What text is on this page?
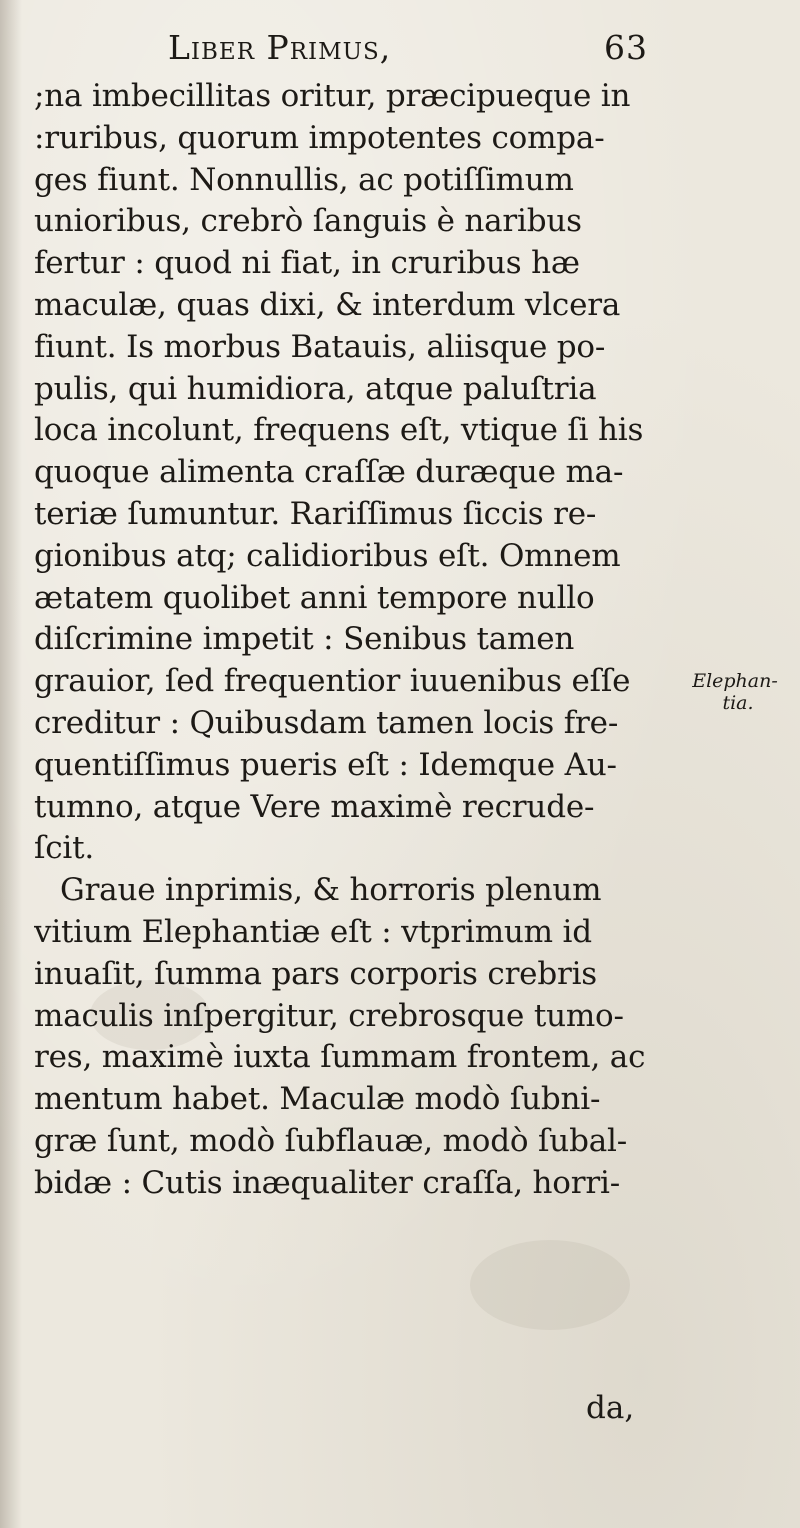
Liber Primus,	63
;na imbecillitas oritur, præcipueque in
:ruribus, quorum impotentes compa-
ges fiunt. Nonnullis, ac potiſſimum
unioribus, crebrò ſanguis è naribus
fertur : quod ni fiat, in cruribus hæ
maculæ, quas dixi, & interdum vlcera
fiunt. Is morbus Batauis, aliisque po-
pulis, qui humidiora, atque paluſtria
loca incolunt, frequens eſt, vtique ſi his
quoque alimenta craſſæ duræque ma-
teriæ ſumuntur. Rariſſimus ſiccis re-
gionibus atq; calidioribus eſt. Omnem
ætatem quolibet anni tempore nullo
diſcrimine impetit : Senibus tamen
grauior, ſed frequentior iuuenibus eſſe
creditur : Quibusdam tamen locis fre-
quentiſſimus pueris eſt : Idemque Au-
tumno, atque Vere maximè recrude-
ſcit.
Graue inprimis, & horroris plenum
vitium Elephantiæ eſt : vtprimum id
inuaſit, ſumma pars corporis crebris
maculis inſpergitur, crebrosque tumo-
res, maximè iuxta ſummam frontem, ac
mentum habet. Maculæ modò ſubni-
græ ſunt, modò ſubflauæ, modò ſubal-
bidæ : Cutis inæqualiter craſſa, horri-
Elephan-
tia.
da,
